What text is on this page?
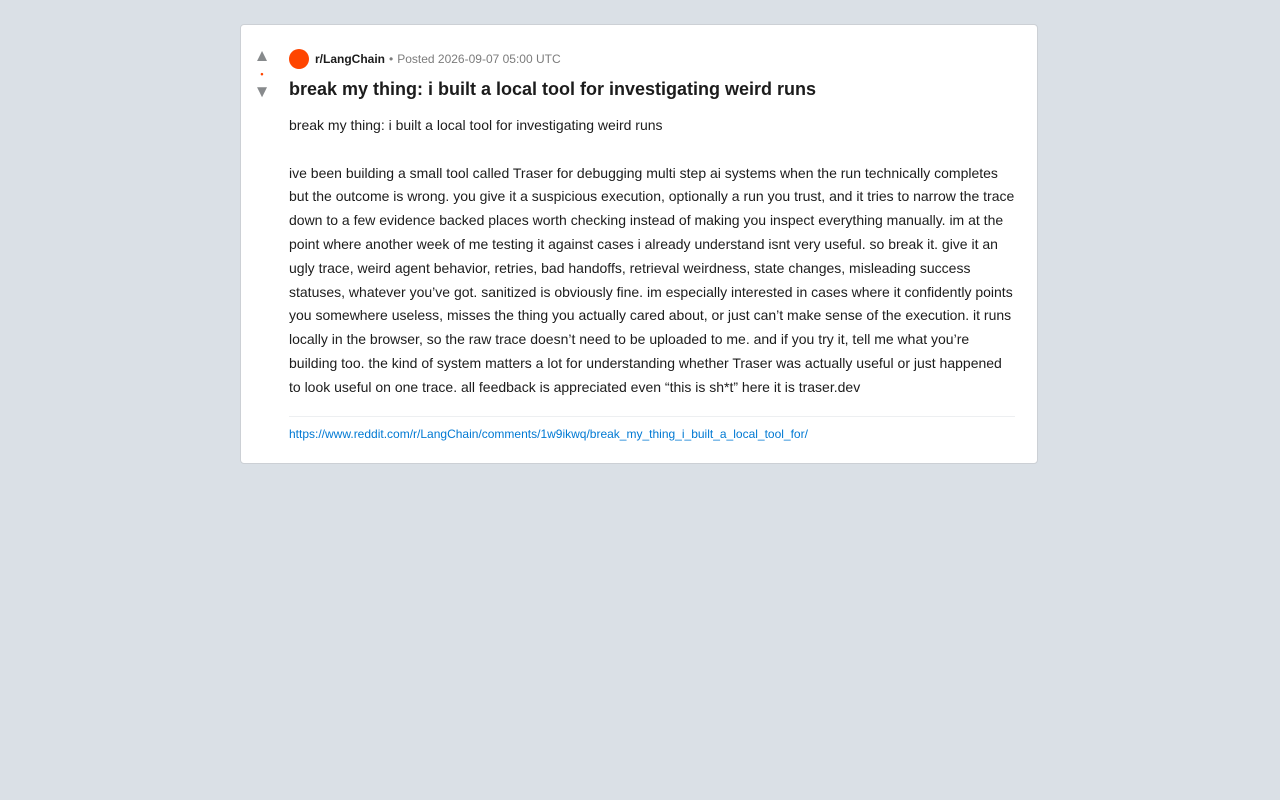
▲
•
▼
r/LangChain • Posted 2026-09-07 05:00 UTC
break my thing: i built a local tool for investigating weird runs

break my thing: i built a local tool for investigating weird runs

ive been building a small tool called Traser for debugging multi step ai systems when the run technically completes but the outcome is wrong. you give it a suspicious execution, optionally a run you trust, and it tries to narrow the trace down to a few evidence backed places worth checking instead of making you inspect everything manually. im at the point where another week of me testing it against cases i already understand isnt very useful. so break it. give it an ugly trace, weird agent behavior, retries, bad handoffs, retrieval weirdness, state changes, misleading success statuses, whatever you’ve got. sanitized is obviously fine. im especially interested in cases where it confidently points you somewhere useless, misses the thing you actually cared about, or just can’t make sense of the execution. it runs locally in the browser, so the raw trace doesn’t need to be uploaded to me. and if you try it, tell me what you’re building too. the kind of system matters a lot for understanding whether Traser was actually useful or just happened to look useful on one trace. all feedback is appreciated even “this is sh*t” here it is traser.dev

https://www.reddit.com/r/LangChain/comments/1w9ikwq/break_my_thing_i_built_a_local_tool_for/
